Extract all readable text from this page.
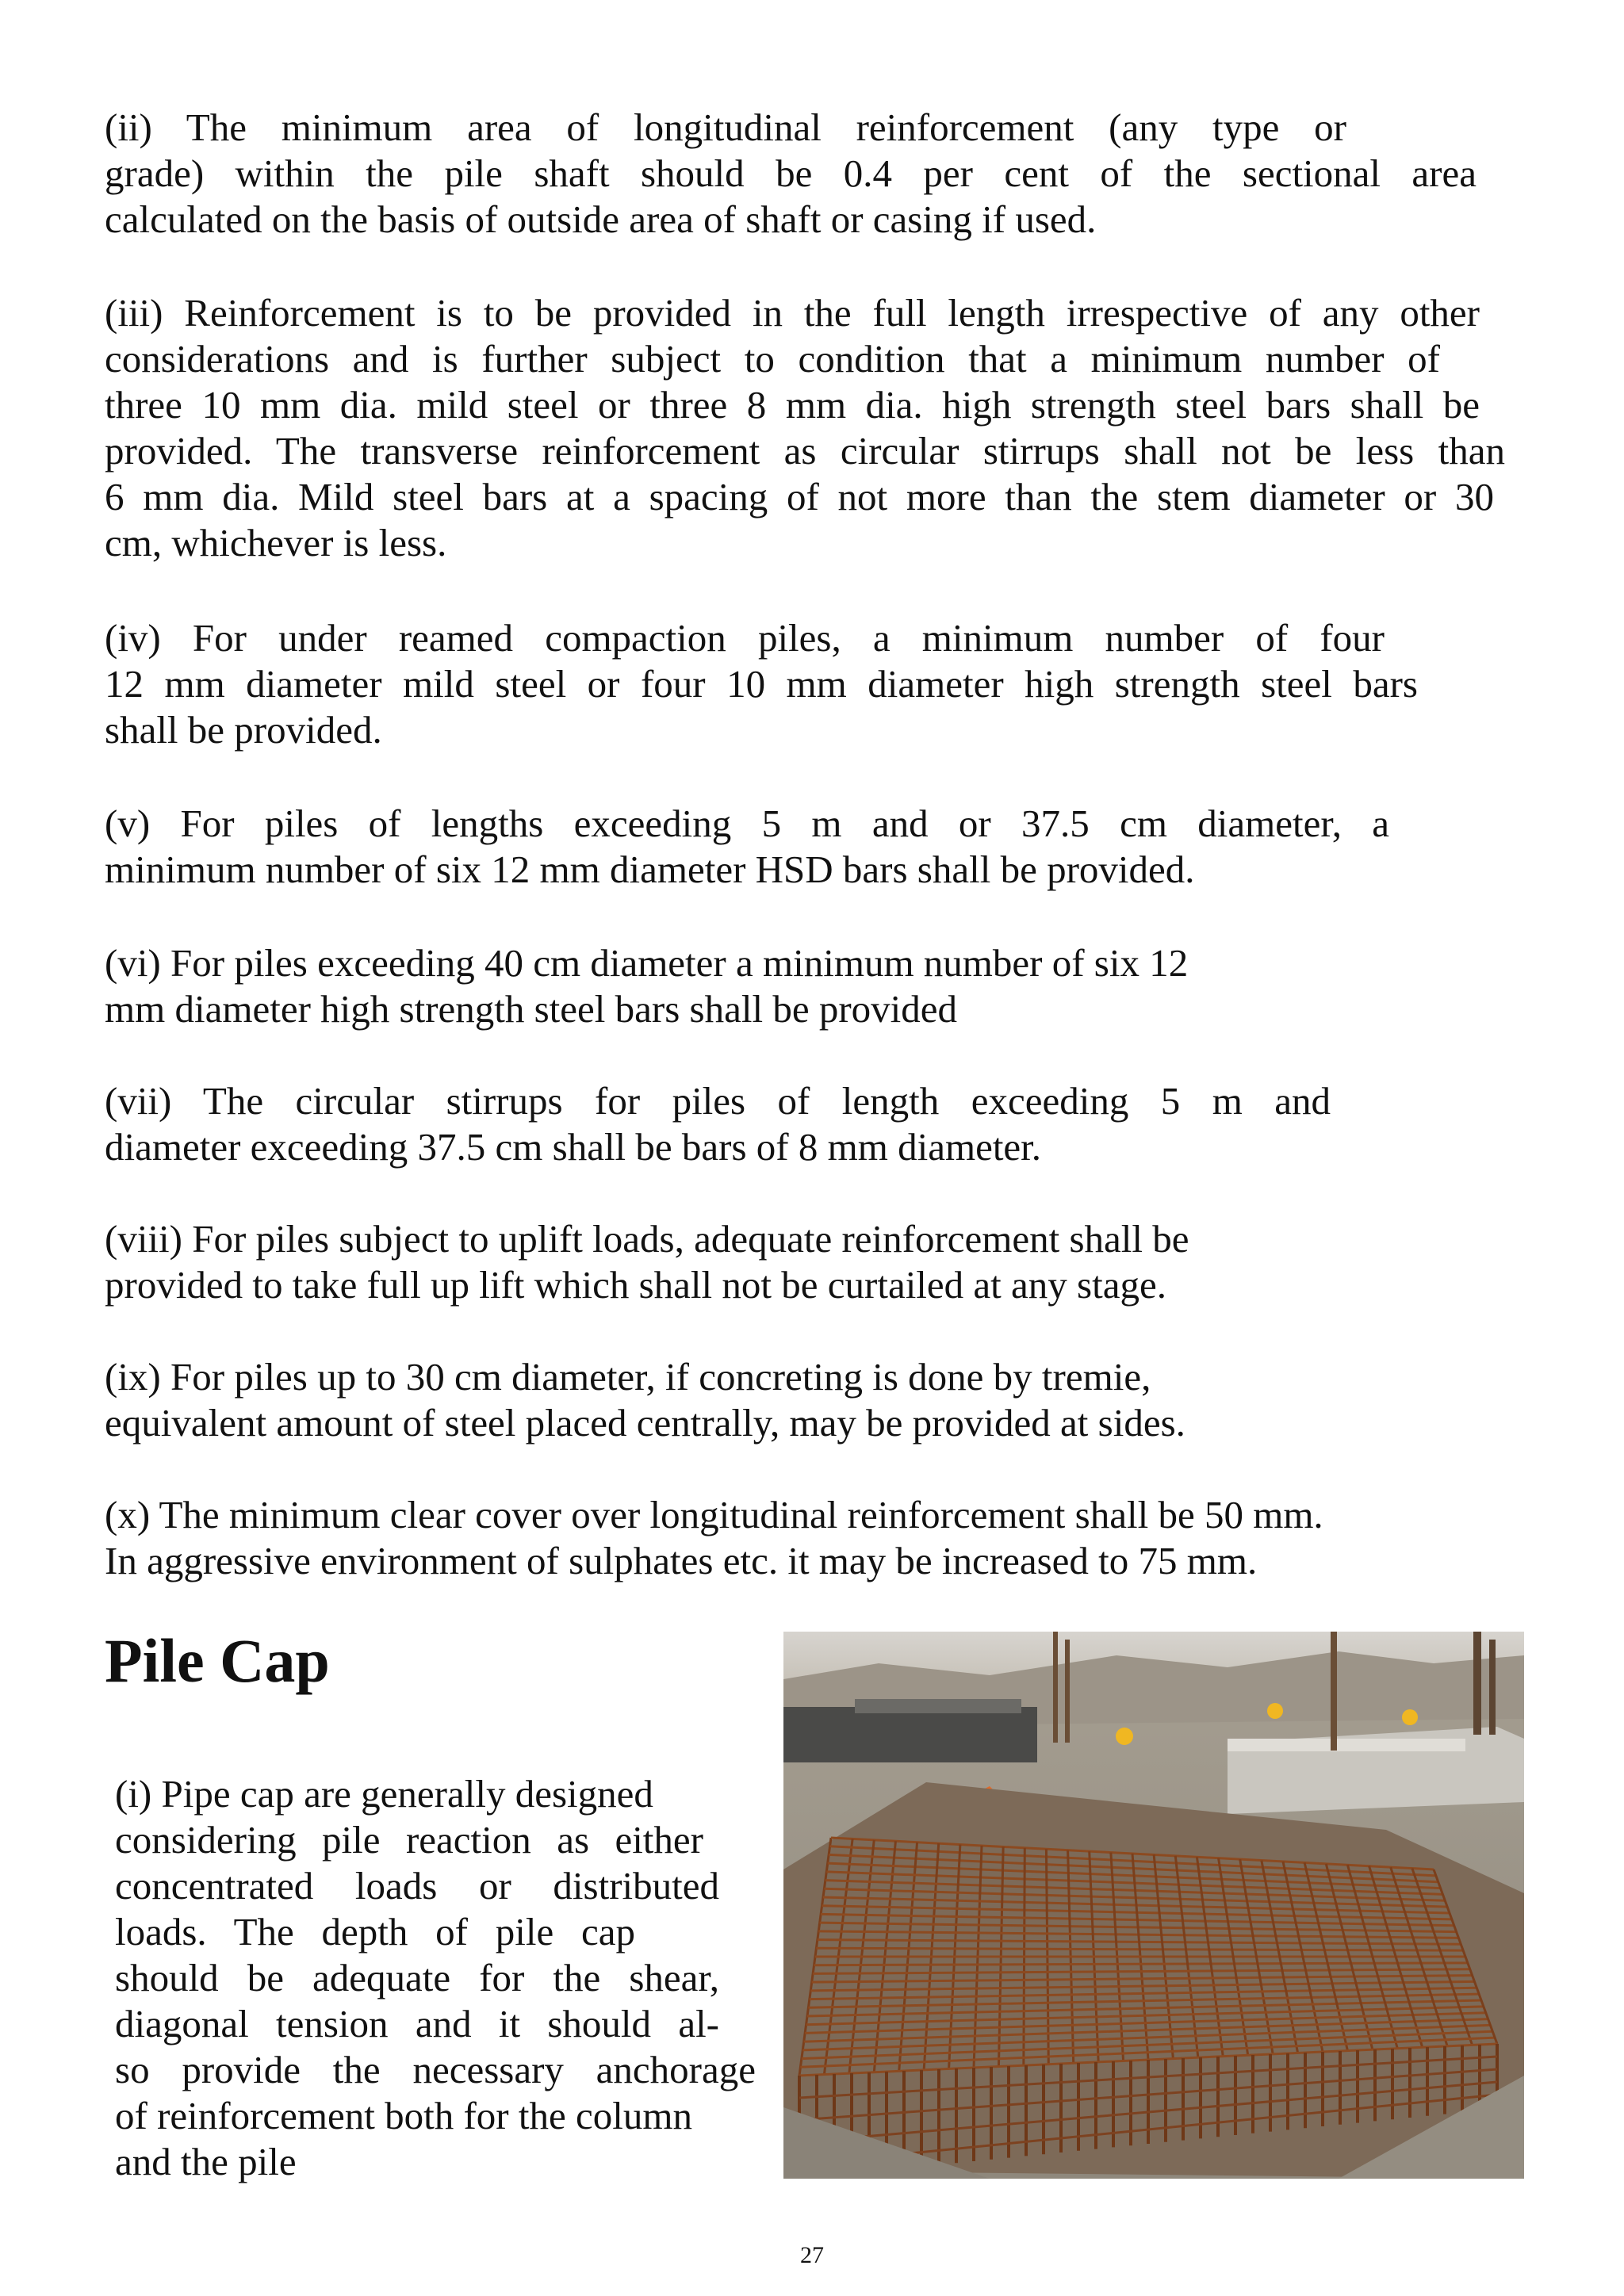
(ii) The minimum area of longitudinal reinforcement (any type or
grade) within the pile shaft should be 0.4 per cent of the sectional area
calculated on the basis of outside area of shaft or casing if used.
(iii) Reinforcement is to be provided in the full length irrespective of any other
considerations and is further subject to condition that a minimum number of
three 10 mm dia. mild steel or three 8 mm dia. high strength steel bars shall be
provided. The transverse reinforcement as circular stirrups shall not be less than
6 mm dia. Mild steel bars at a spacing of not more than the stem diameter or 30
cm, whichever is less.
(iv) For under reamed compaction piles, a minimum number of four
12 mm diameter mild steel or four 10 mm diameter high strength steel bars
shall be provided.
(v) For piles of lengths exceeding 5 m and or 37.5 cm diameter, a
minimum number of six 12 mm diameter HSD bars shall be provided.
(vi) For piles exceeding 40 cm diameter a minimum number of six 12
mm diameter high strength steel bars shall be provided
(vii) The circular stirrups for piles of length exceeding 5 m and
diameter exceeding 37.5 cm shall be bars of 8 mm diameter.
(viii) For piles subject to uplift loads, adequate reinforcement shall be
provided to take full up lift which shall not be curtailed at any stage.
(ix) For piles up to 30 cm diameter, if concreting is done by tremie,
equivalent amount of steel placed centrally, may be provided at sides.
(x) The minimum clear cover over longitudinal reinforcement shall be 50 mm.
In aggressive environment of sulphates etc. it may be increased to 75 mm.
Pile Cap
(i) Pipe cap are generally designed
considering pile reaction as either
concentrated loads or distributed
loads. The depth of pile cap
should be adequate for the shear,
diagonal tension and it should al-
so provide the necessary anchorage
of reinforcement both for the column
and the pile
27
